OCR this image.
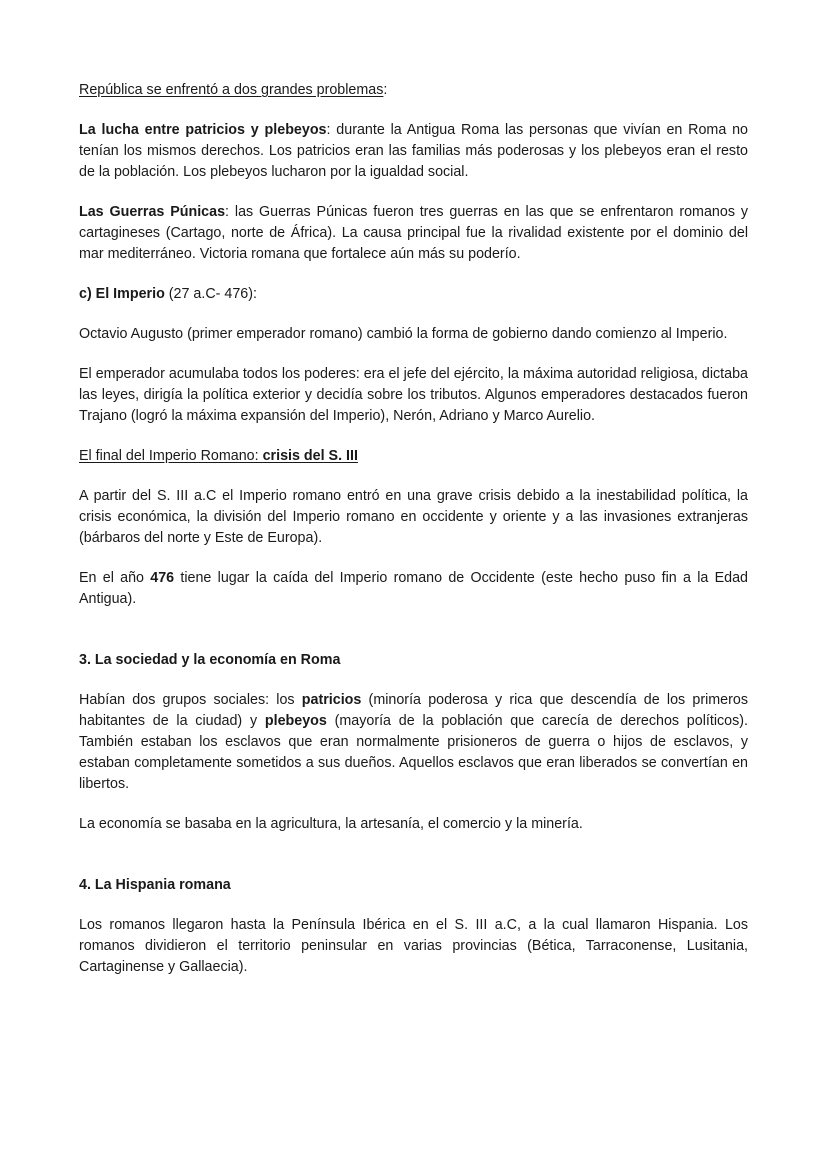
República se enfrentó a dos grandes problemas:

La lucha entre patricios y plebeyos: durante la Antigua Roma las personas que vivían en Roma no tenían los mismos derechos. Los patricios eran las familias más poderosas y los plebeyos eran el resto de la población. Los plebeyos lucharon por la igualdad social.

Las Guerras Púnicas: las Guerras Púnicas fueron tres guerras en las que se enfrentaron romanos y cartagineses (Cartago, norte de África). La causa principal fue la rivalidad existente por el dominio del mar mediterráneo. Victoria romana que fortalece aún más su poderío.

c) El Imperio (27 a.C- 476):

Octavio Augusto (primer emperador romano) cambió la forma de gobierno dando comienzo al Imperio.

El emperador acumulaba todos los poderes: era el jefe del ejército, la máxima autoridad religiosa, dictaba las leyes, dirigía la política exterior y decidía sobre los tributos. Algunos emperadores destacados fueron Trajano (logró la máxima expansión del Imperio), Nerón, Adriano y Marco Aurelio.

El final del Imperio Romano: crisis del S. III

A partir del S. III a.C el Imperio romano entró en una grave crisis debido a la inestabilidad política, la crisis económica, la división del Imperio romano en occidente y oriente y a las invasiones extranjeras (bárbaros del norte y Este de Europa).

En el año 476 tiene lugar la caída del Imperio romano de Occidente (este hecho puso fin a la Edad Antigua).

3. La sociedad y la economía en Roma

Habían dos grupos sociales: los patricios (minoría poderosa y rica que descendía de los primeros habitantes de la ciudad) y plebeyos (mayoría de la población que carecía de derechos políticos). También estaban los esclavos que eran normalmente prisioneros de guerra o hijos de esclavos, y estaban completamente sometidos a sus dueños. Aquellos esclavos que eran liberados se convertían en libertos.

La economía se basaba en la agricultura, la artesanía, el comercio y la minería.

4. La Hispania romana

Los romanos llegaron hasta la Península Ibérica en el S. III a.C, a la cual llamaron Hispania. Los romanos dividieron el territorio peninsular en varias provincias (Bética, Tarraconense, Lusitania, Cartaginense y Gallaecia).
